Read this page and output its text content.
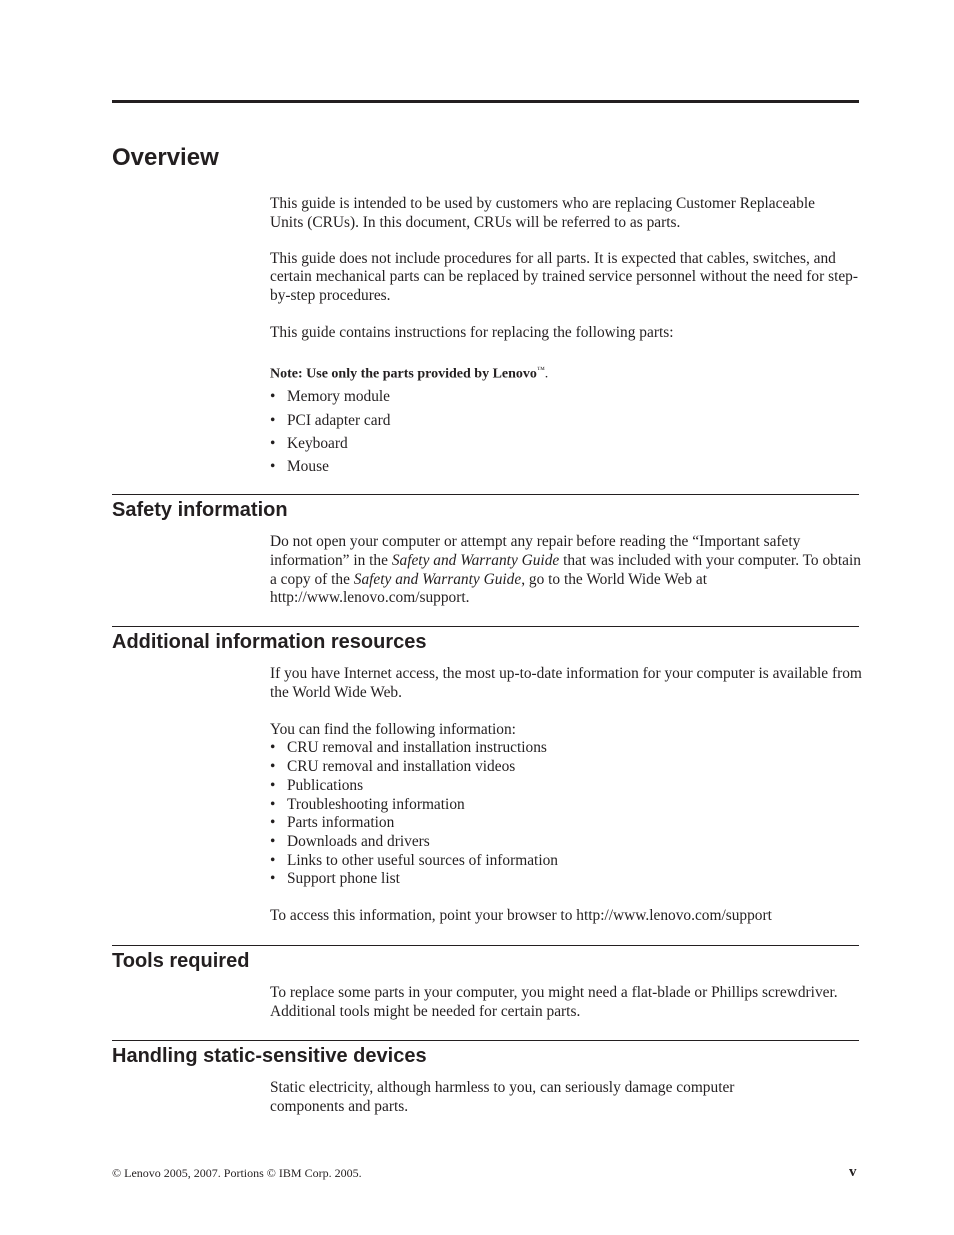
Overview

This guide is intended to be used by customers who are replacing Customer Replaceable Units (CRUs). In this document, CRUs will be referred to as parts.

This guide does not include procedures for all parts. It is expected that cables, switches, and certain mechanical parts can be replaced by trained service personnel without the need for step-by-step procedures.

This guide contains instructions for replacing the following parts:

Note: Use only the parts provided by Lenovo™.

• Memory module
• PCI adapter card
• Keyboard
• Mouse
Safety information

Do not open your computer or attempt any repair before reading the “Important safety information” in the Safety and Warranty Guide that was included with your computer. To obtain a copy of the Safety and Warranty Guide, go to the World Wide Web at http://www.lenovo.com/support.

Additional information resources

If you have Internet access, the most up-to-date information for your computer is available from the World Wide Web.

You can find the following information:

• CRU removal and installation instructions
• CRU removal and installation videos
• Publications
• Troubleshooting information
• Parts information
• Downloads and drivers
• Links to other useful sources of information
• Support phone list

To access this information, point your browser to http://www.lenovo.com/support

Tools required

To replace some parts in your computer, you might need a flat-blade or Phillips screwdriver. Additional tools might be needed for certain parts.

Handling static-sensitive devices

Static electricity, although harmless to you, can seriously damage computer components and parts.

© Lenovo 2005, 2007. Portions © IBM Corp. 2005.	v
